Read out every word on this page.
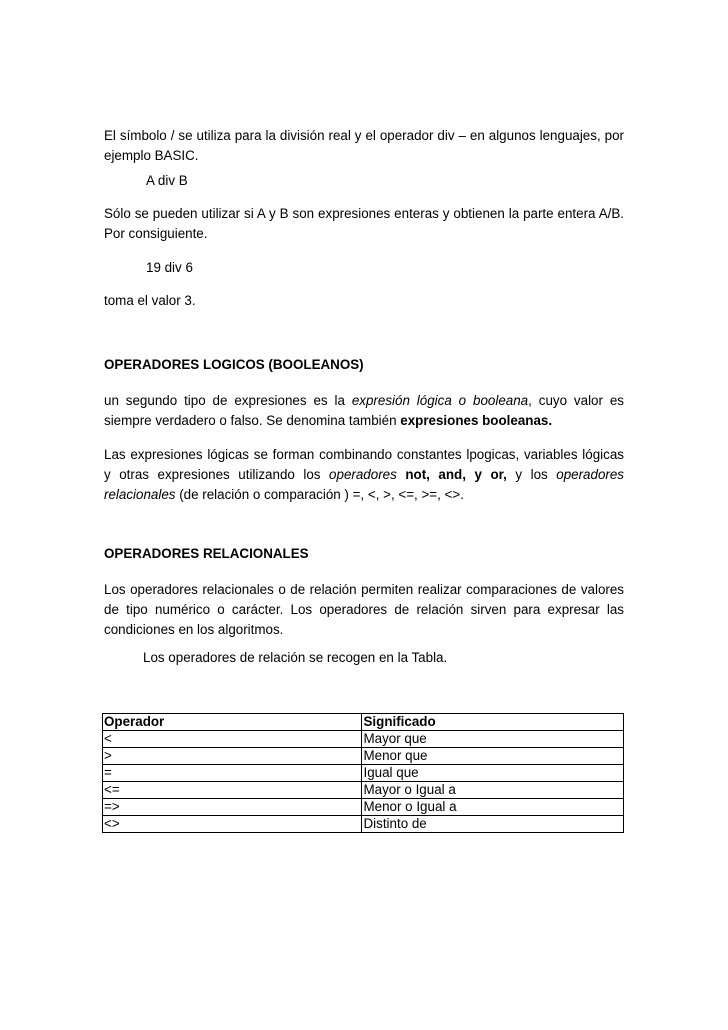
El símbolo / se utiliza para la división real y el operador div – en algunos lenguajes, por ejemplo BASIC.

A div B

Sólo se pueden utilizar si A y B son expresiones enteras y obtienen la parte entera A/B. Por consiguiente.

19 div 6

toma el valor 3.

OPERADORES LOGICOS (BOOLEANOS)

un segundo tipo de expresiones es la expresión lógica o booleana, cuyo valor es siempre verdadero o falso. Se denomina también expresiones booleanas.

Las expresiones lógicas se forman combinando constantes lpogicas, variables lógicas y otras expresiones utilizando los operadores not, and, y or, y los operadores relacionales (de relación o comparación ) =, <, >, <=, >=, <>.

OPERADORES RELACIONALES

Los operadores relacionales o de relación permiten realizar comparaciones de valores de tipo numérico o carácter. Los operadores de relación sirven para expresar las condiciones en los algoritmos.

Los operadores de relación se recogen en la Tabla.

Operador	Significado
<	Mayor que
>	Menor que
=	Igual que
<=	Mayor o Igual a
=>	Menor o Igual a
<>	Distinto de
